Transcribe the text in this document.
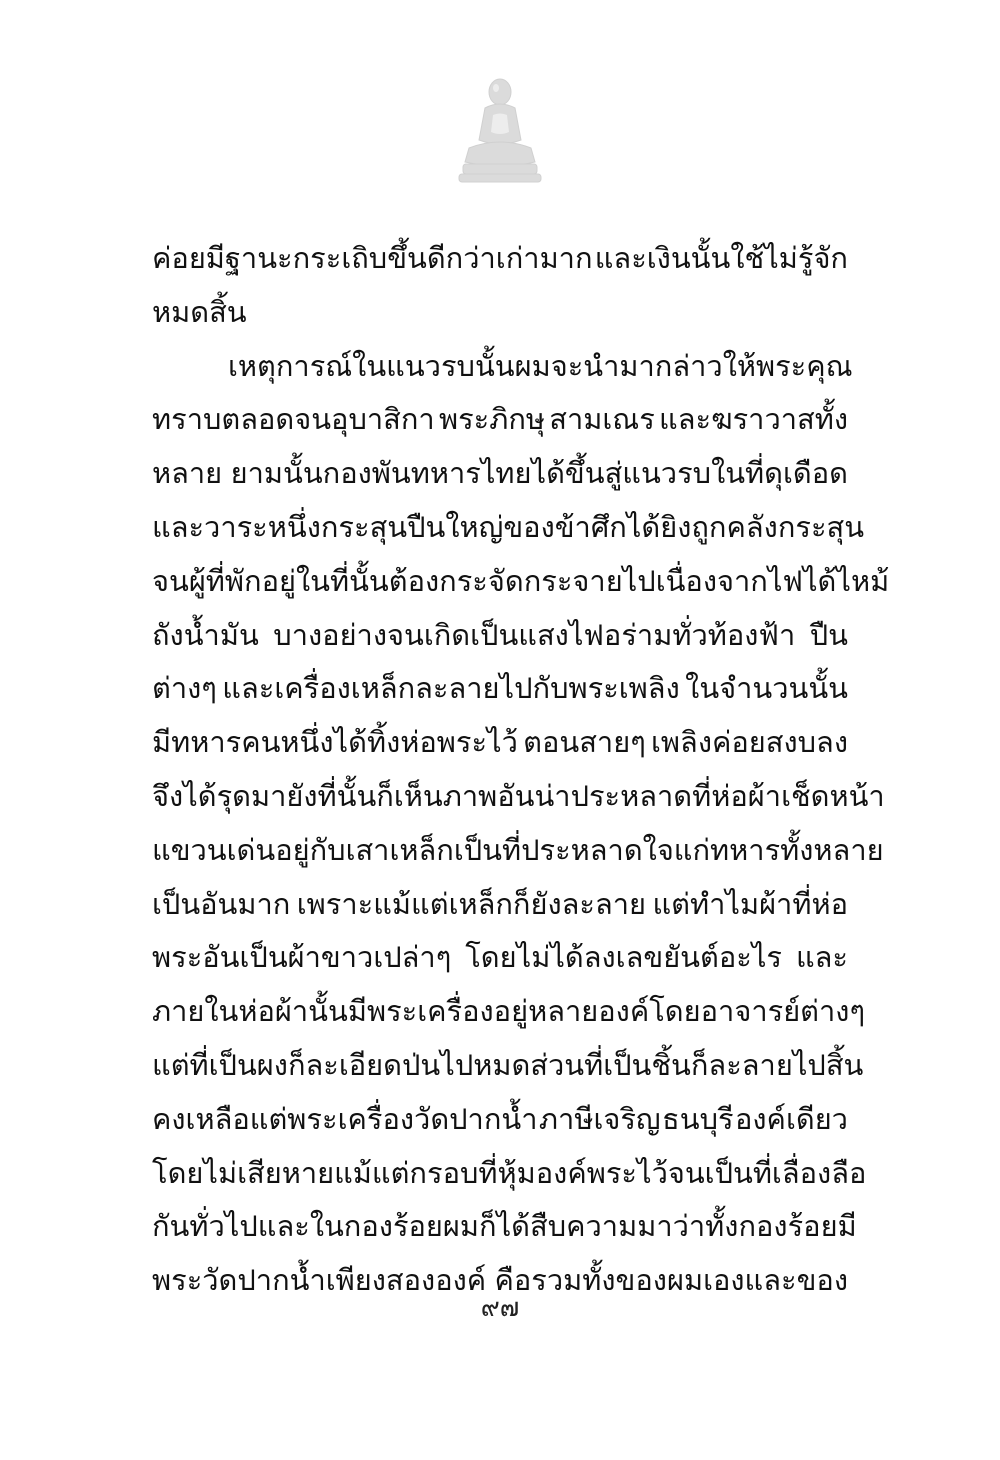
ค่อยมีฐานะกระเถิบขึ้นดีกว่าเก่ามาก และเงินนั้นใช้ไม่รู้จัก
หมดสิ้น
เหตุการณ์ในแนวรบนั้น ผมจะนำมากล่าวให้พระคุณ
ทราบตลอดจนอุบาสิกา พระภิกษุ สามเณร และฆราวาสทั้ง
หลาย ยามนั้นกองพันทหารไทยได้ขึ้นสู่แนวรบในที่ดุเดือด
และวาระหนึ่ง กระสุนปืนใหญ่ของข้าศึกได้ยิงถูกคลังกระสุน
จนผู้ที่พักอยู่ในที่นั้นต้องกระจัดกระจายไป เนื่องจากไฟได้ไหม้
ถังน้ำมัน บางอย่างจนเกิดเป็นแสงไฟอร่ามทั่วท้องฟ้า ปืน
ต่างๆ และเครื่องเหล็กละลายไปกับพระเพลิง ในจำนวนนั้น
มีทหารคนหนึ่งได้ทิ้งห่อพระไว้ ตอนสายๆ เพลิงค่อยสงบลง
จึงได้รุดมายังที่นั้น ก็เห็นภาพอันน่าประหลาดที่ห่อผ้าเช็ดหน้า
แขวนเด่นอยู่กับเสาเหล็ก เป็นที่ประหลาดใจแก่ทหารทั้งหลาย
เป็นอันมาก เพราะแม้แต่เหล็กก็ยังละลาย แต่ทำไมผ้าที่ห่อ
พระอันเป็นผ้าขาวเปล่าๆ โดยไม่ได้ลงเลขยันต์อะไร และ
ภายในห่อผ้านั้นมีพระเครื่องอยู่หลายองค์โดยอาจารย์ต่างๆ
แต่ที่เป็นผงก็ละเอียดป่นไปหมด ส่วนที่เป็นชิ้นก็ละลายไปสิ้น
คงเหลือแต่พระเครื่องวัดปากน้ำ ภาษีเจริญ ธนบุรี องค์เดียว
โดยไม่เสียหายแม้แต่กรอบที่หุ้มองค์พระไว้ จนเป็นที่เลื่องลือ
กันทั่วไป และในกองร้อยผมก็ได้สืบความมาว่าทั้งกองร้อยมี
พระวัดปากน้ำเพียงสององค์ คือรวมทั้งของผมเองและของ
๙๗
